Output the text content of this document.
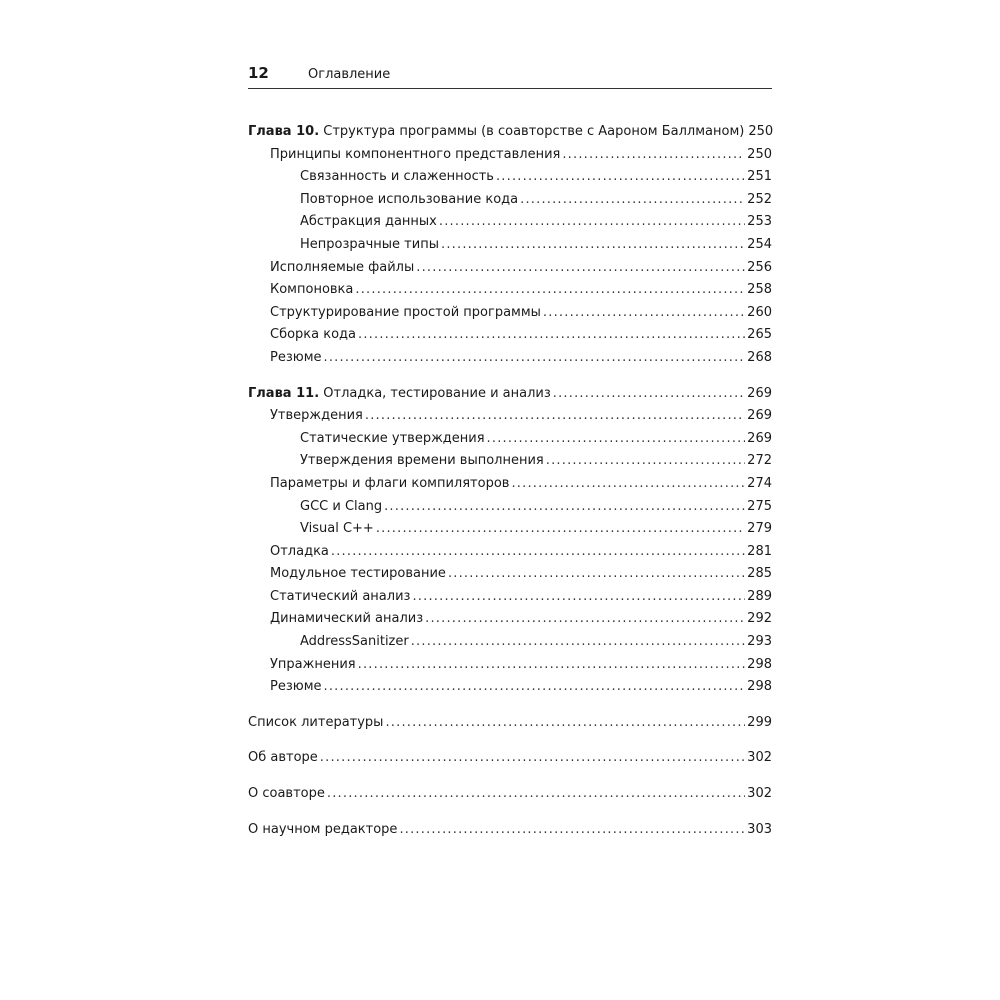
12	Оглавление
Глава 10. Структура программы (в соавторстве с Аароном Баллманом) 250
Принципы компонентного представления .....	250
Связанность и слаженность .....	251
Повторное использование кода .....	252
Абстракция данных .....	253
Непрозрачные типы .....	254
Исполняемые файлы .....	256
Компоновка .....	258
Структурирование простой программы .....	260
Сборка кода .....	265
Резюме .....	268
Глава 11. Отладка, тестирование и анализ .....	269
Утверждения .....	269
Статические утверждения .....	269
Утверждения времени выполнения .....	272
Параметры и флаги компиляторов .....	274
GCC и Clang .....	275
Visual C++ .....	279
Отладка .....	281
Модульное тестирование .....	285
Статический анализ .....	289
Динамический анализ .....	292
AddressSanitizer .....	293
Упражнения .....	298
Резюме .....	298
Список литературы .....	299
Об авторе .....	302
О соавторе .....	302
О научном редакторе .....	303
